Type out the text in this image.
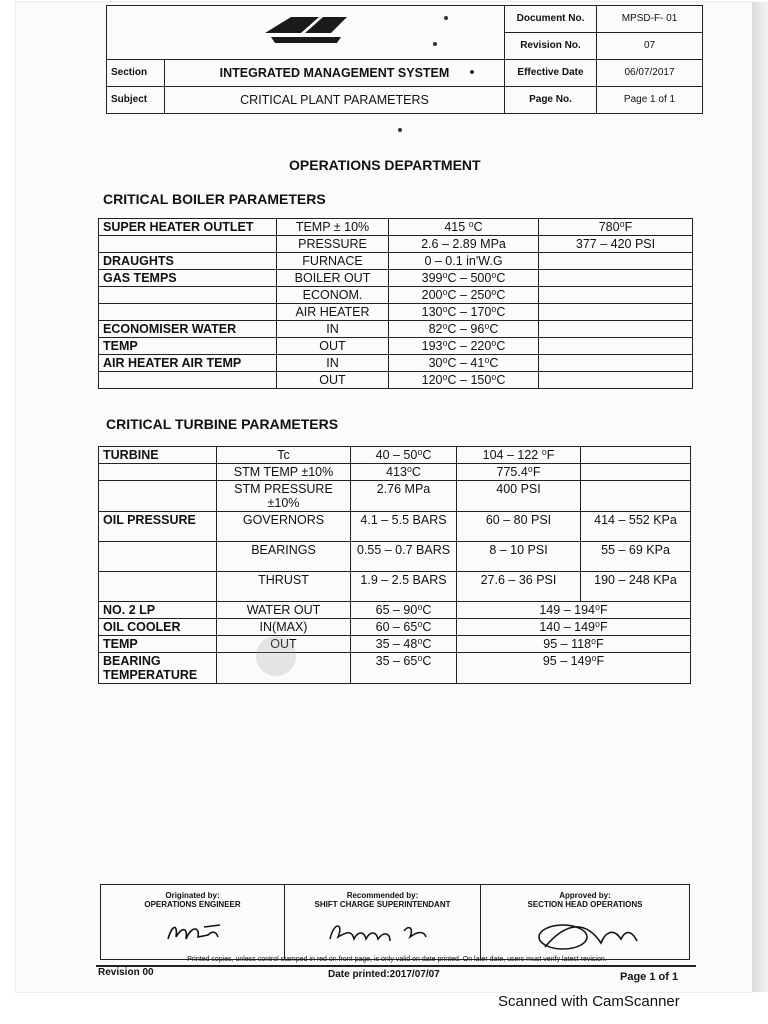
	Document No.	MPSD-F- 01
		Revision No.	07
Section	INTEGRATED MANAGEMENT SYSTEM	Effective Date	06/07/2017
Subject	CRITICAL PLANT PARAMETERS	Page No.	Page 1 of 1
OPERATIONS DEPARTMENT
CRITICAL BOILER PARAMETERS
SUPER HEATER OUTLET	TEMP ± 10%	415 ⁰C	780⁰F
	PRESSURE	2.6 – 2.89 MPa	377 – 420 PSI
DRAUGHTS	FURNACE	0 – 0.1 in'W.G	
GAS TEMPS	BOILER OUT	399⁰C – 500⁰C	
	ECONOM.	200⁰C – 250⁰C	
	AIR HEATER	130⁰C – 170⁰C	
ECONOMISER WATER	IN	82⁰C – 96⁰C	
TEMP	OUT	193⁰C – 220⁰C	
AIR HEATER AIR TEMP	IN	30⁰C – 41⁰C	
	OUT	120⁰C – 150⁰C	
CRITICAL TURBINE PARAMETERS
TURBINE	Tc	40 – 50⁰C	104 – 122 ⁰F	
	STM TEMP ±10%	413⁰C	775.4⁰F	
	STM PRESSURE ±10%	2.76 MPa	400 PSI	
OIL PRESSURE	GOVERNORS	4.1 – 5.5 BARS	60 – 80 PSI	414 – 552 KPa
	BEARINGS	0.55 – 0.7 BARS	8 – 10 PSI	55 – 69 KPa
	THRUST	1.9 – 2.5 BARS	27.6 – 36 PSI	190 – 248 KPa
NO. 2 LP	WATER OUT	65 – 90⁰C	149 – 194⁰F	
OIL COOLER	IN(MAX)	60 – 65⁰C	140 – 149⁰F	
TEMP	OUT	35 – 48⁰C	95 – 118⁰F	
BEARING TEMPERATURE		35 – 65⁰C	95 – 149⁰F	
Originated by:
OPERATIONS ENGINEER
Recommended by:
SHIFT CHARGE SUPERINTENDANT
Approved by:
SECTION HEAD OPERATIONS
Printed copies, unless control stamped in red on front page, is only valid on date printed. On later date, users must verify latest revision.
Revision 00	Date printed:2017/07/07	Page 1 of 1
Scanned with CamScanner
